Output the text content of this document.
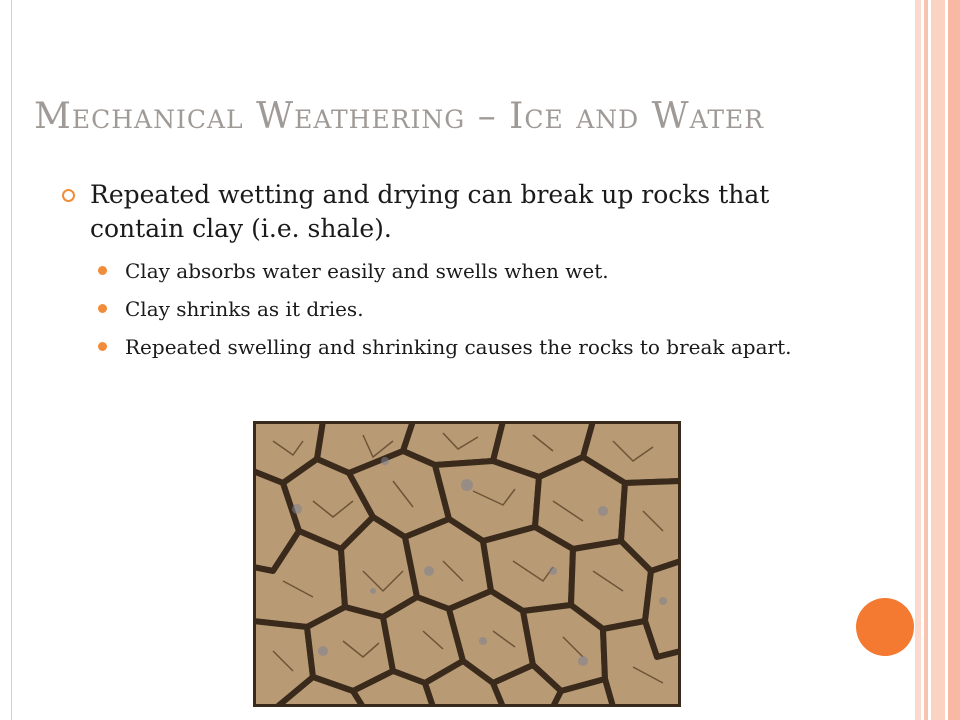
Mechanical Weathering – Ice and Water

Repeated wetting and drying can break up rocks that contain clay (i.e. shale).

Clay absorbs water easily and swells when wet.
Clay shrinks as it dries.
Repeated swelling and shrinking causes the rocks to break apart.
